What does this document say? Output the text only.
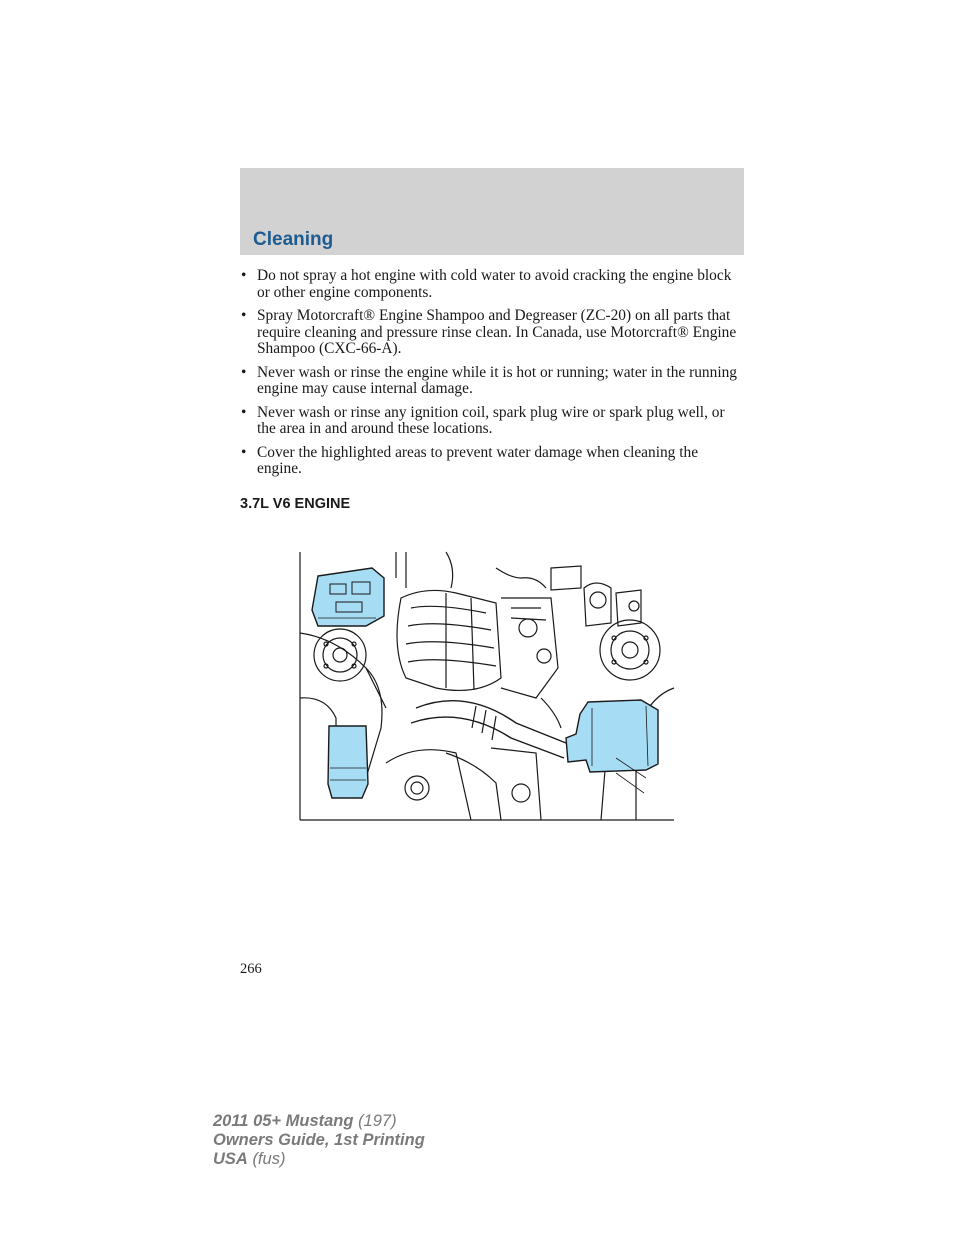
Cleaning
• Do not spray a hot engine with cold water to avoid cracking the engine block or other engine components.
• Spray Motorcraft® Engine Shampoo and Degreaser (ZC-20) on all parts that require cleaning and pressure rinse clean. In Canada, use Motorcraft® Engine Shampoo (CXC-66-A).
• Never wash or rinse the engine while it is hot or running; water in the running engine may cause internal damage.
• Never wash or rinse any ignition coil, spark plug wire or spark plug well, or the area in and around these locations.
• Cover the highlighted areas to prevent water damage when cleaning the engine.
3.7L V6 ENGINE
266
2011 05+ Mustang (197)
Owners Guide, 1st Printing
USA (fus)
